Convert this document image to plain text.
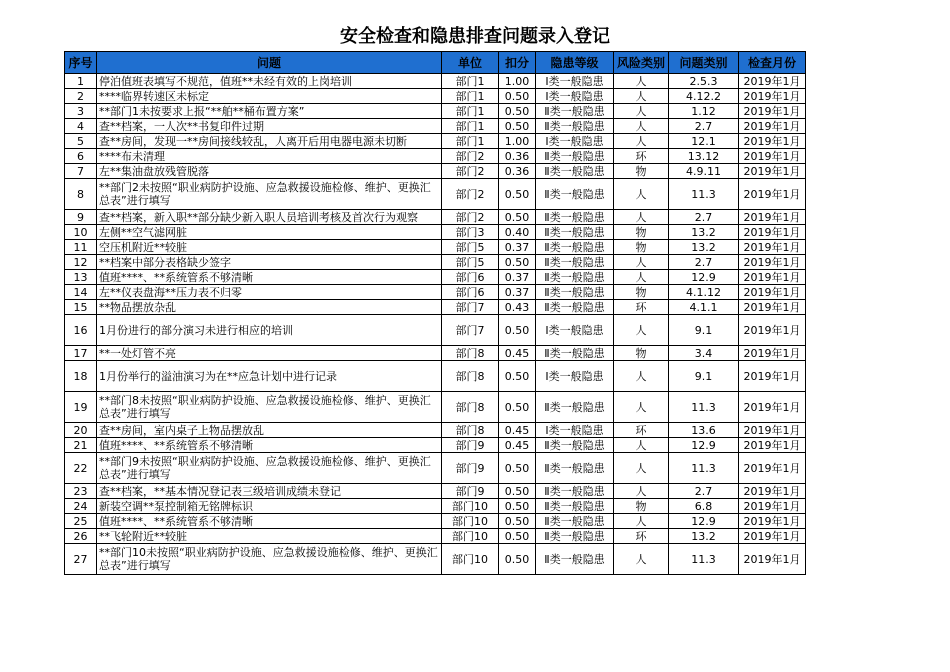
安全检查和隐患排查问题录入登记
序号	问题	单位	扣分	隐患等级	风险类别	问题类别	检查月份
1	停泊值班表填写不规范，值班**未经有效的上岗培训	部门1	1.00	Ⅰ类一般隐患	人	2.5.3	2019年1月
2	****临界转速区未标定	部门1	0.50	Ⅰ类一般隐患	人	4.12.2	2019年1月
3	**部门1未按要求上报“**舶**桶布置方案”	部门1	0.50	Ⅱ类一般隐患	人	1.12	2019年1月
4	查**档案，一人次**书复印件过期	部门1	0.50	Ⅱ类一般隐患	人	2.7	2019年1月
5	查**房间，发现一**房间接线较乱，人离开后用电器电源未切断	部门1	1.00	Ⅰ类一般隐患	人	12.1	2019年1月
6	****布未清理	部门2	0.36	Ⅱ类一般隐患	环	13.12	2019年1月
7	左**集油盘放残管脱落	部门2	0.36	Ⅱ类一般隐患	物	4.9.11	2019年1月
8	**部门2未按照“职业病防护设施、应急救援设施检修、维护、更换汇总表”进行填写	部门2	0.50	Ⅱ类一般隐患	人	11.3	2019年1月
9	查**档案，新入职**部分缺少新入职人员培训考核及首次行为观察	部门2	0.50	Ⅱ类一般隐患	人	2.7	2019年1月
10	左侧**空气滤网脏	部门3	0.40	Ⅱ类一般隐患	物	13.2	2019年1月
11	空压机附近**较脏	部门5	0.37	Ⅱ类一般隐患	物	13.2	2019年1月
12	**档案中部分表格缺少签字	部门5	0.50	Ⅱ类一般隐患	人	2.7	2019年1月
13	值班****、**系统管系不够清晰	部门6	0.37	Ⅱ类一般隐患	人	12.9	2019年1月
14	左**仪表盘海**压力表不归零	部门6	0.37	Ⅱ类一般隐患	物	4.1.12	2019年1月
15	**物品摆放杂乱	部门7	0.43	Ⅱ类一般隐患	环	4.1.1	2019年1月
16	1月份进行的部分演习未进行相应的培训	部门7	0.50	Ⅰ类一般隐患	人	9.1	2019年1月
17	**一处灯管不亮	部门8	0.45	Ⅱ类一般隐患	物	3.4	2019年1月
18	1月份举行的溢油演习为在**应急计划中进行记录	部门8	0.50	Ⅰ类一般隐患	人	9.1	2019年1月
19	**部门8未按照“职业病防护设施、应急救援设施检修、维护、更换汇总表”进行填写	部门8	0.50	Ⅱ类一般隐患	人	11.3	2019年1月
20	查**房间，室内桌子上物品摆放乱	部门8	0.45	Ⅰ类一般隐患	环	13.6	2019年1月
21	值班****、**系统管系不够清晰	部门9	0.45	Ⅱ类一般隐患	人	12.9	2019年1月
22	**部门9未按照“职业病防护设施、应急救援设施检修、维护、更换汇总表”进行填写	部门9	0.50	Ⅱ类一般隐患	人	11.3	2019年1月
23	查**档案，**基本情况登记表三级培训成绩未登记	部门9	0.50	Ⅱ类一般隐患	人	2.7	2019年1月
24	新装空调**泵控制箱无铭牌标识	部门10	0.50	Ⅱ类一般隐患	物	6.8	2019年1月
25	值班****、**系统管系不够清晰	部门10	0.50	Ⅱ类一般隐患	人	12.9	2019年1月
26	**飞轮附近**较脏	部门10	0.50	Ⅱ类一般隐患	环	13.2	2019年1月
27	**部门10未按照“职业病防护设施、应急救援设施检修、维护、更换汇总表”进行填写	部门10	0.50	Ⅱ类一般隐患	人	11.3	2019年1月
